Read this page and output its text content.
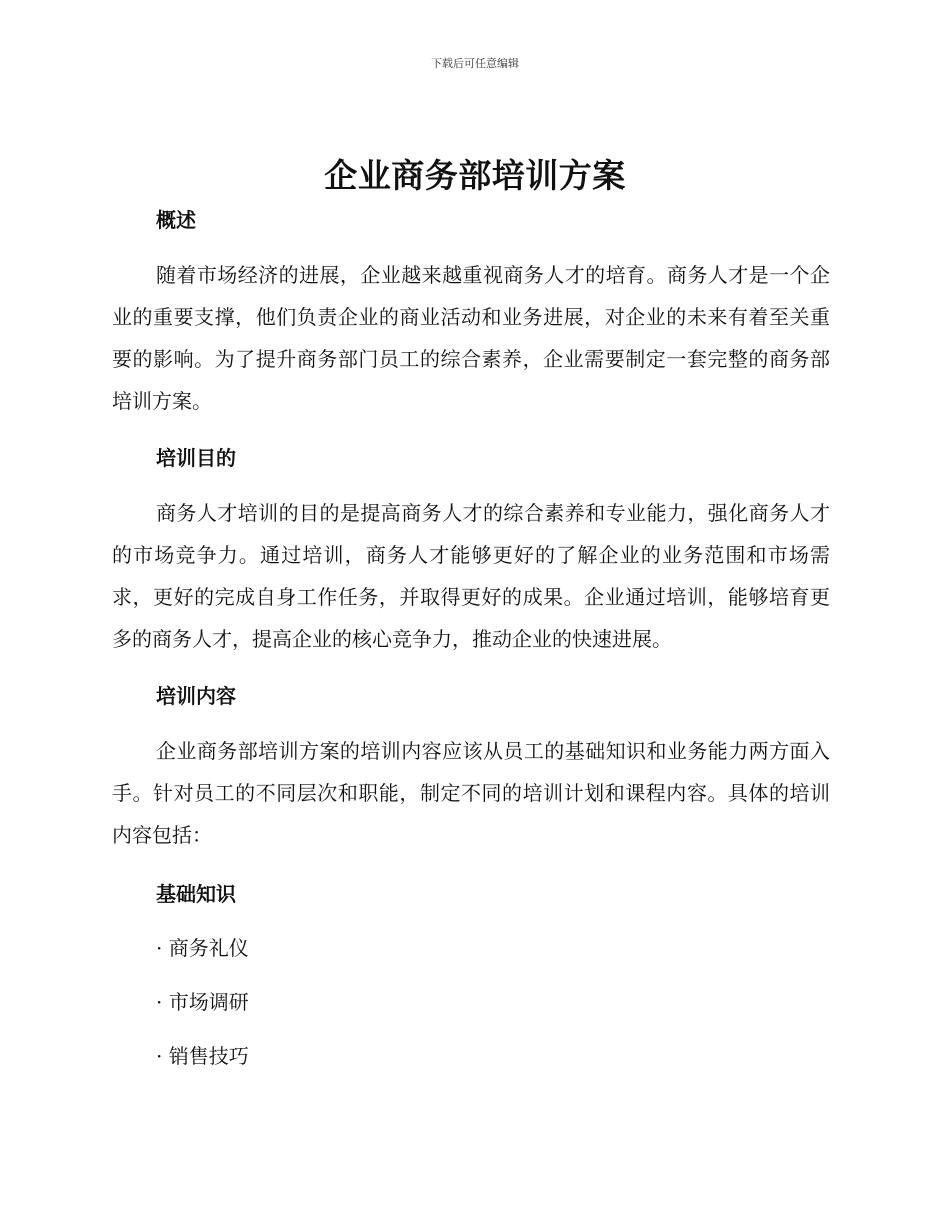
下载后可任意编辑
企业商务部培训方案
概述

随着市场经济的进展，企业越来越重视商务人才的培育。商务人才是一个企业的重要支撑，他们负责企业的商业活动和业务进展，对企业的未来有着至关重要的影响。为了提升商务部门员工的综合素养，企业需要制定一套完整的商务部培训方案。

培训目的

商务人才培训的目的是提高商务人才的综合素养和专业能力，强化商务人才的市场竞争力。通过培训，商务人才能够更好的了解企业的业务范围和市场需求，更好的完成自身工作任务，并取得更好的成果。企业通过培训，能够培育更多的商务人才，提高企业的核心竞争力，推动企业的快速进展。

培训内容

企业商务部培训方案的培训内容应该从员工的基础知识和业务能力两方面入手。针对员工的不同层次和职能，制定不同的培训计划和课程内容。具体的培训内容包括：

基础知识
· 商务礼仪
· 市场调研
· 销售技巧
